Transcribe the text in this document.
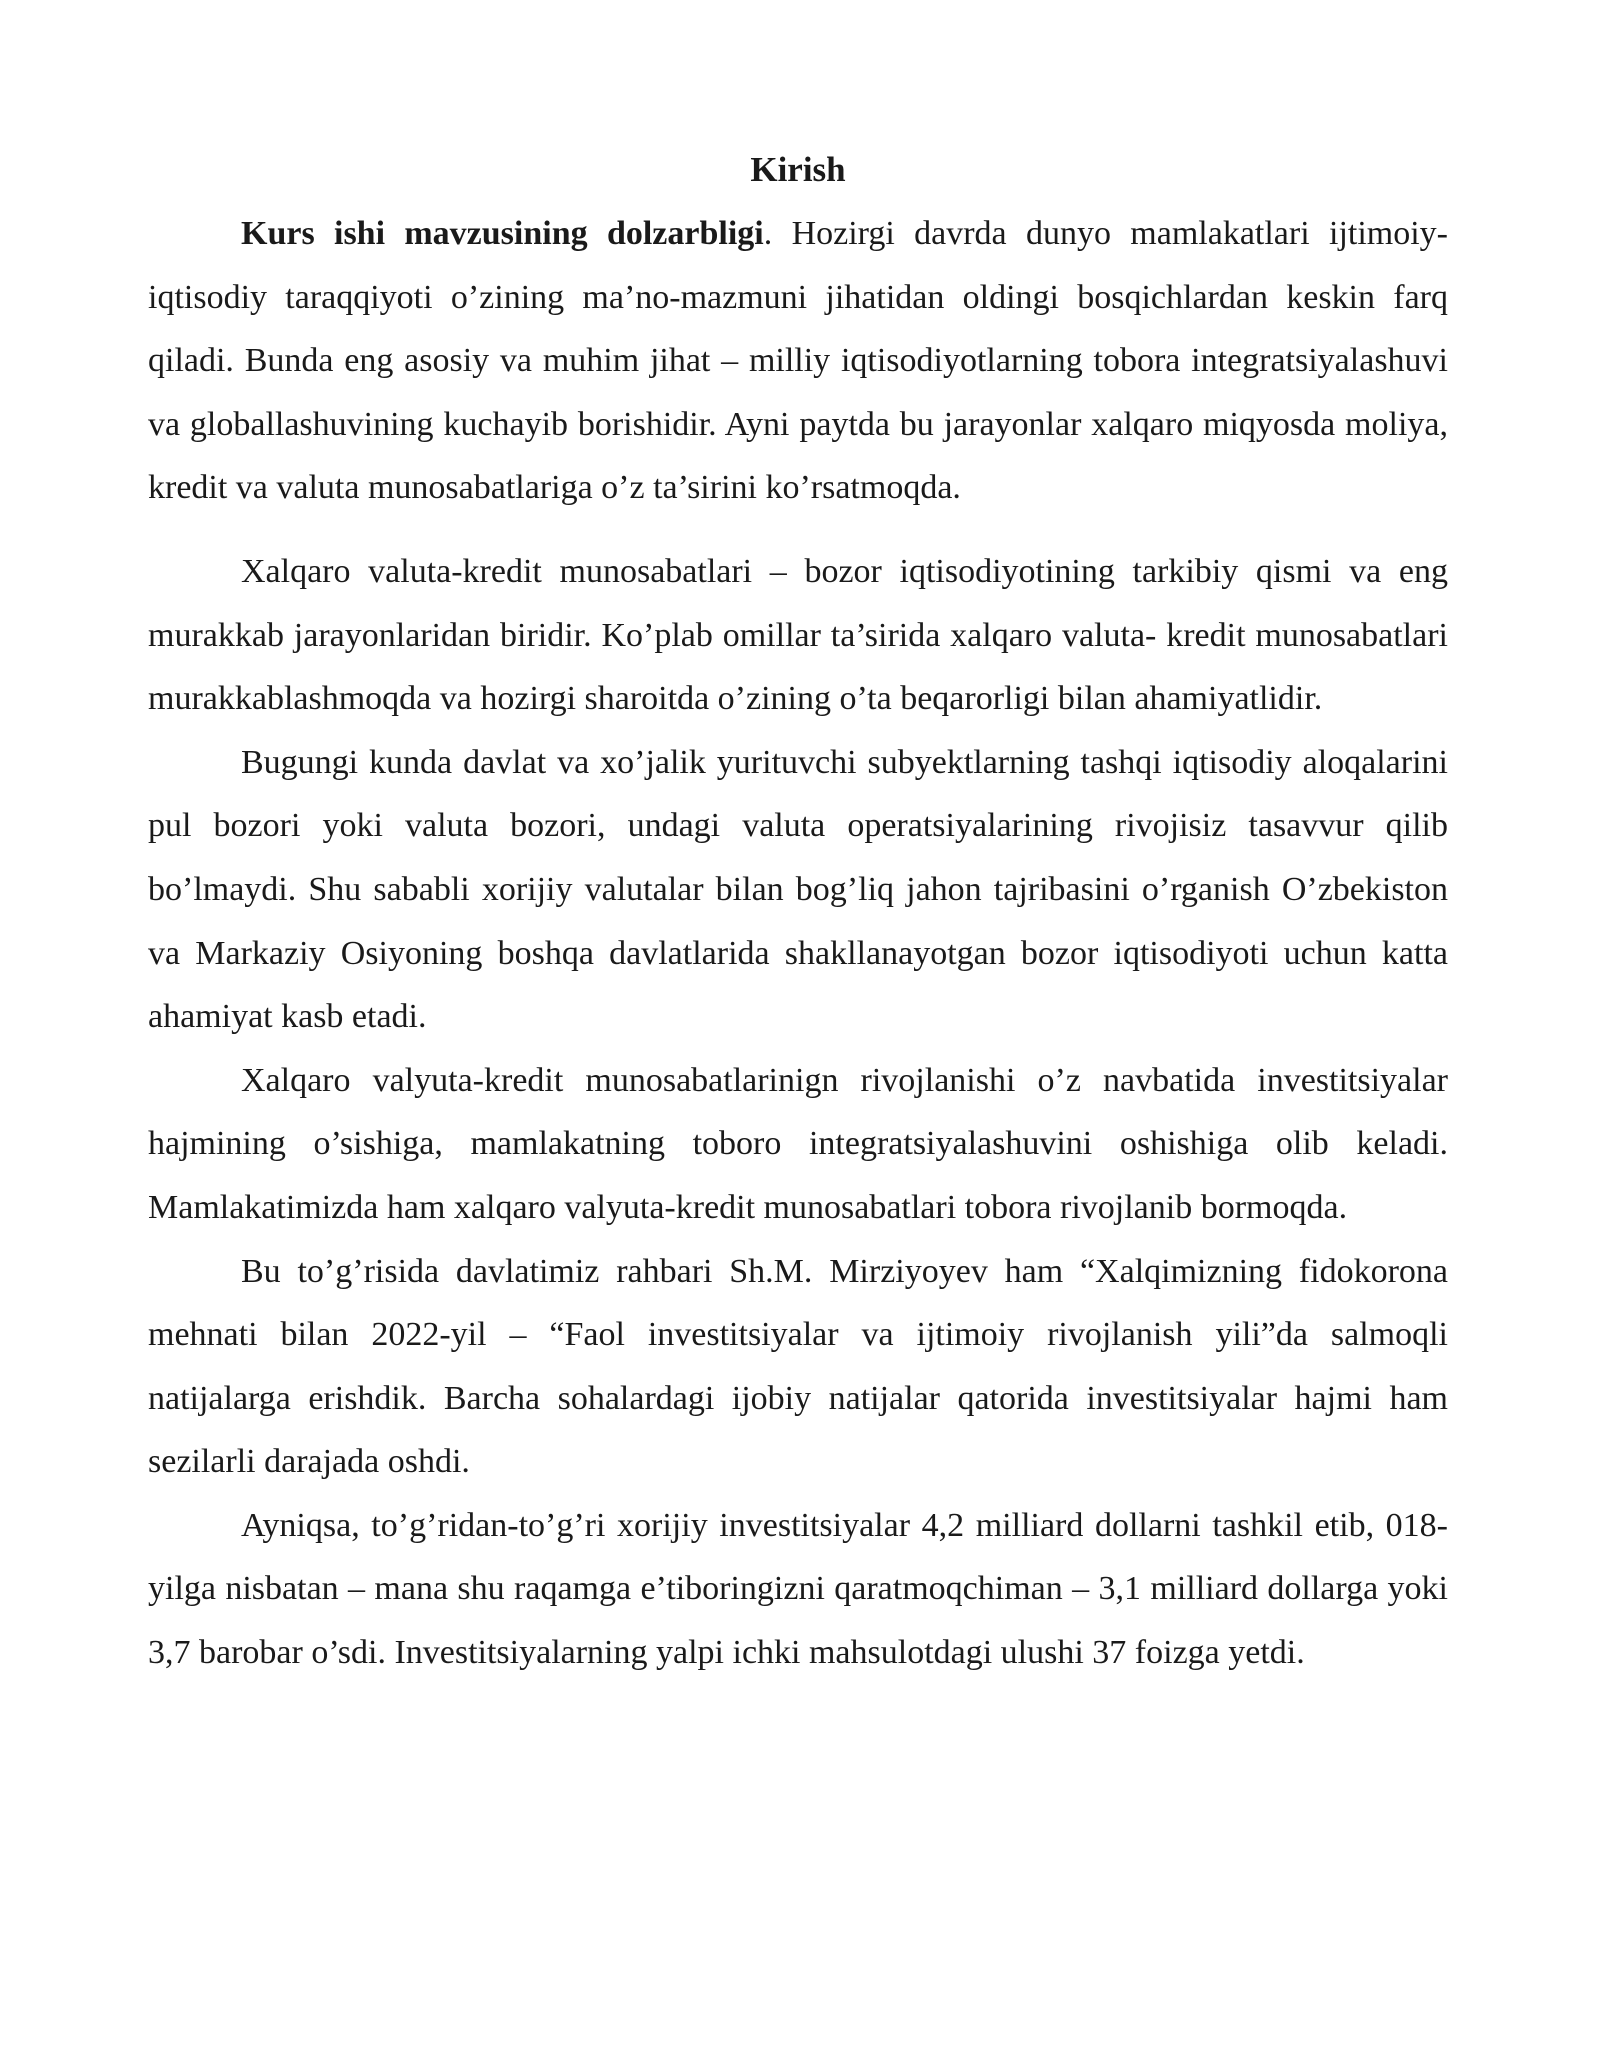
Kirish

Kurs ishi mavzusining dolzarbligi. Hozirgi davrda dunyo mamlakatlari ijtimoiy-iqtisodiy taraqqiyoti o’zining ma’no-mazmuni jihatidan oldingi bosqichlardan keskin farq qiladi. Bunda eng asosiy va muhim jihat – milliy iqtisodiyotlarning tobora integratsiyalashuvi va globallashuvining kuchayib borishidir. Ayni paytda bu jarayonlar xalqaro miqyosda moliya, kredit va valuta munosabatlariga o’z ta’sirini ko’rsatmoqda.

Xalqaro valuta-kredit munosabatlari – bozor iqtisodiyotining tarkibiy qismi va eng murakkab jarayonlaridan biridir. Ko’plab omillar ta’sirida xalqaro valuta- kredit munosabatlari murakkablashmoqda va hozirgi sharoitda o’zining o’ta beqarorligi bilan ahamiyatlidir.

Bugungi kunda davlat va xo’jalik yurituvchi subyektlarning tashqi iqtisodiy aloqalarini pul bozori yoki valuta bozori, undagi valuta operatsiyalarining rivojisiz tasavvur qilib bo’lmaydi. Shu sababli xorijiy valutalar bilan bog’liq jahon tajribasini o’rganish O’zbekiston va Markaziy Osiyoning boshqa davlatlarida shakllanayotgan bozor iqtisodiyoti uchun katta ahamiyat kasb etadi.

Xalqaro valyuta-kredit munosabatlarinign rivojlanishi o’z navbatida investitsiyalar hajmining o’sishiga, mamlakatning toboro integratsiyalashuvini oshishiga olib keladi. Mamlakatimizda ham xalqaro valyuta-kredit munosabatlari tobora rivojlanib bormoqda.

Bu to’g’risida davlatimiz rahbari Sh.M. Mirziyoyev ham “Xalqimizning fidokorona mehnati bilan 2022-yil – “Faol investitsiyalar va ijtimoiy rivojlanish yili”da salmoqli natijalarga erishdik. Barcha sohalardagi ijobiy natijalar qatorida investitsiyalar hajmi ham sezilarli darajada oshdi.

Ayniqsa, to’g’ridan-to’g’ri xorijiy investitsiyalar 4,2 milliard dollarni tashkil etib, 018-yilga nisbatan – mana shu raqamga e’tiboringizni qaratmoqchiman – 3,1 milliard dollarga yoki 3,7 barobar o’sdi. Investitsiyalarning yalpi ichki mahsulotdagi ulushi 37 foizga yetdi.
